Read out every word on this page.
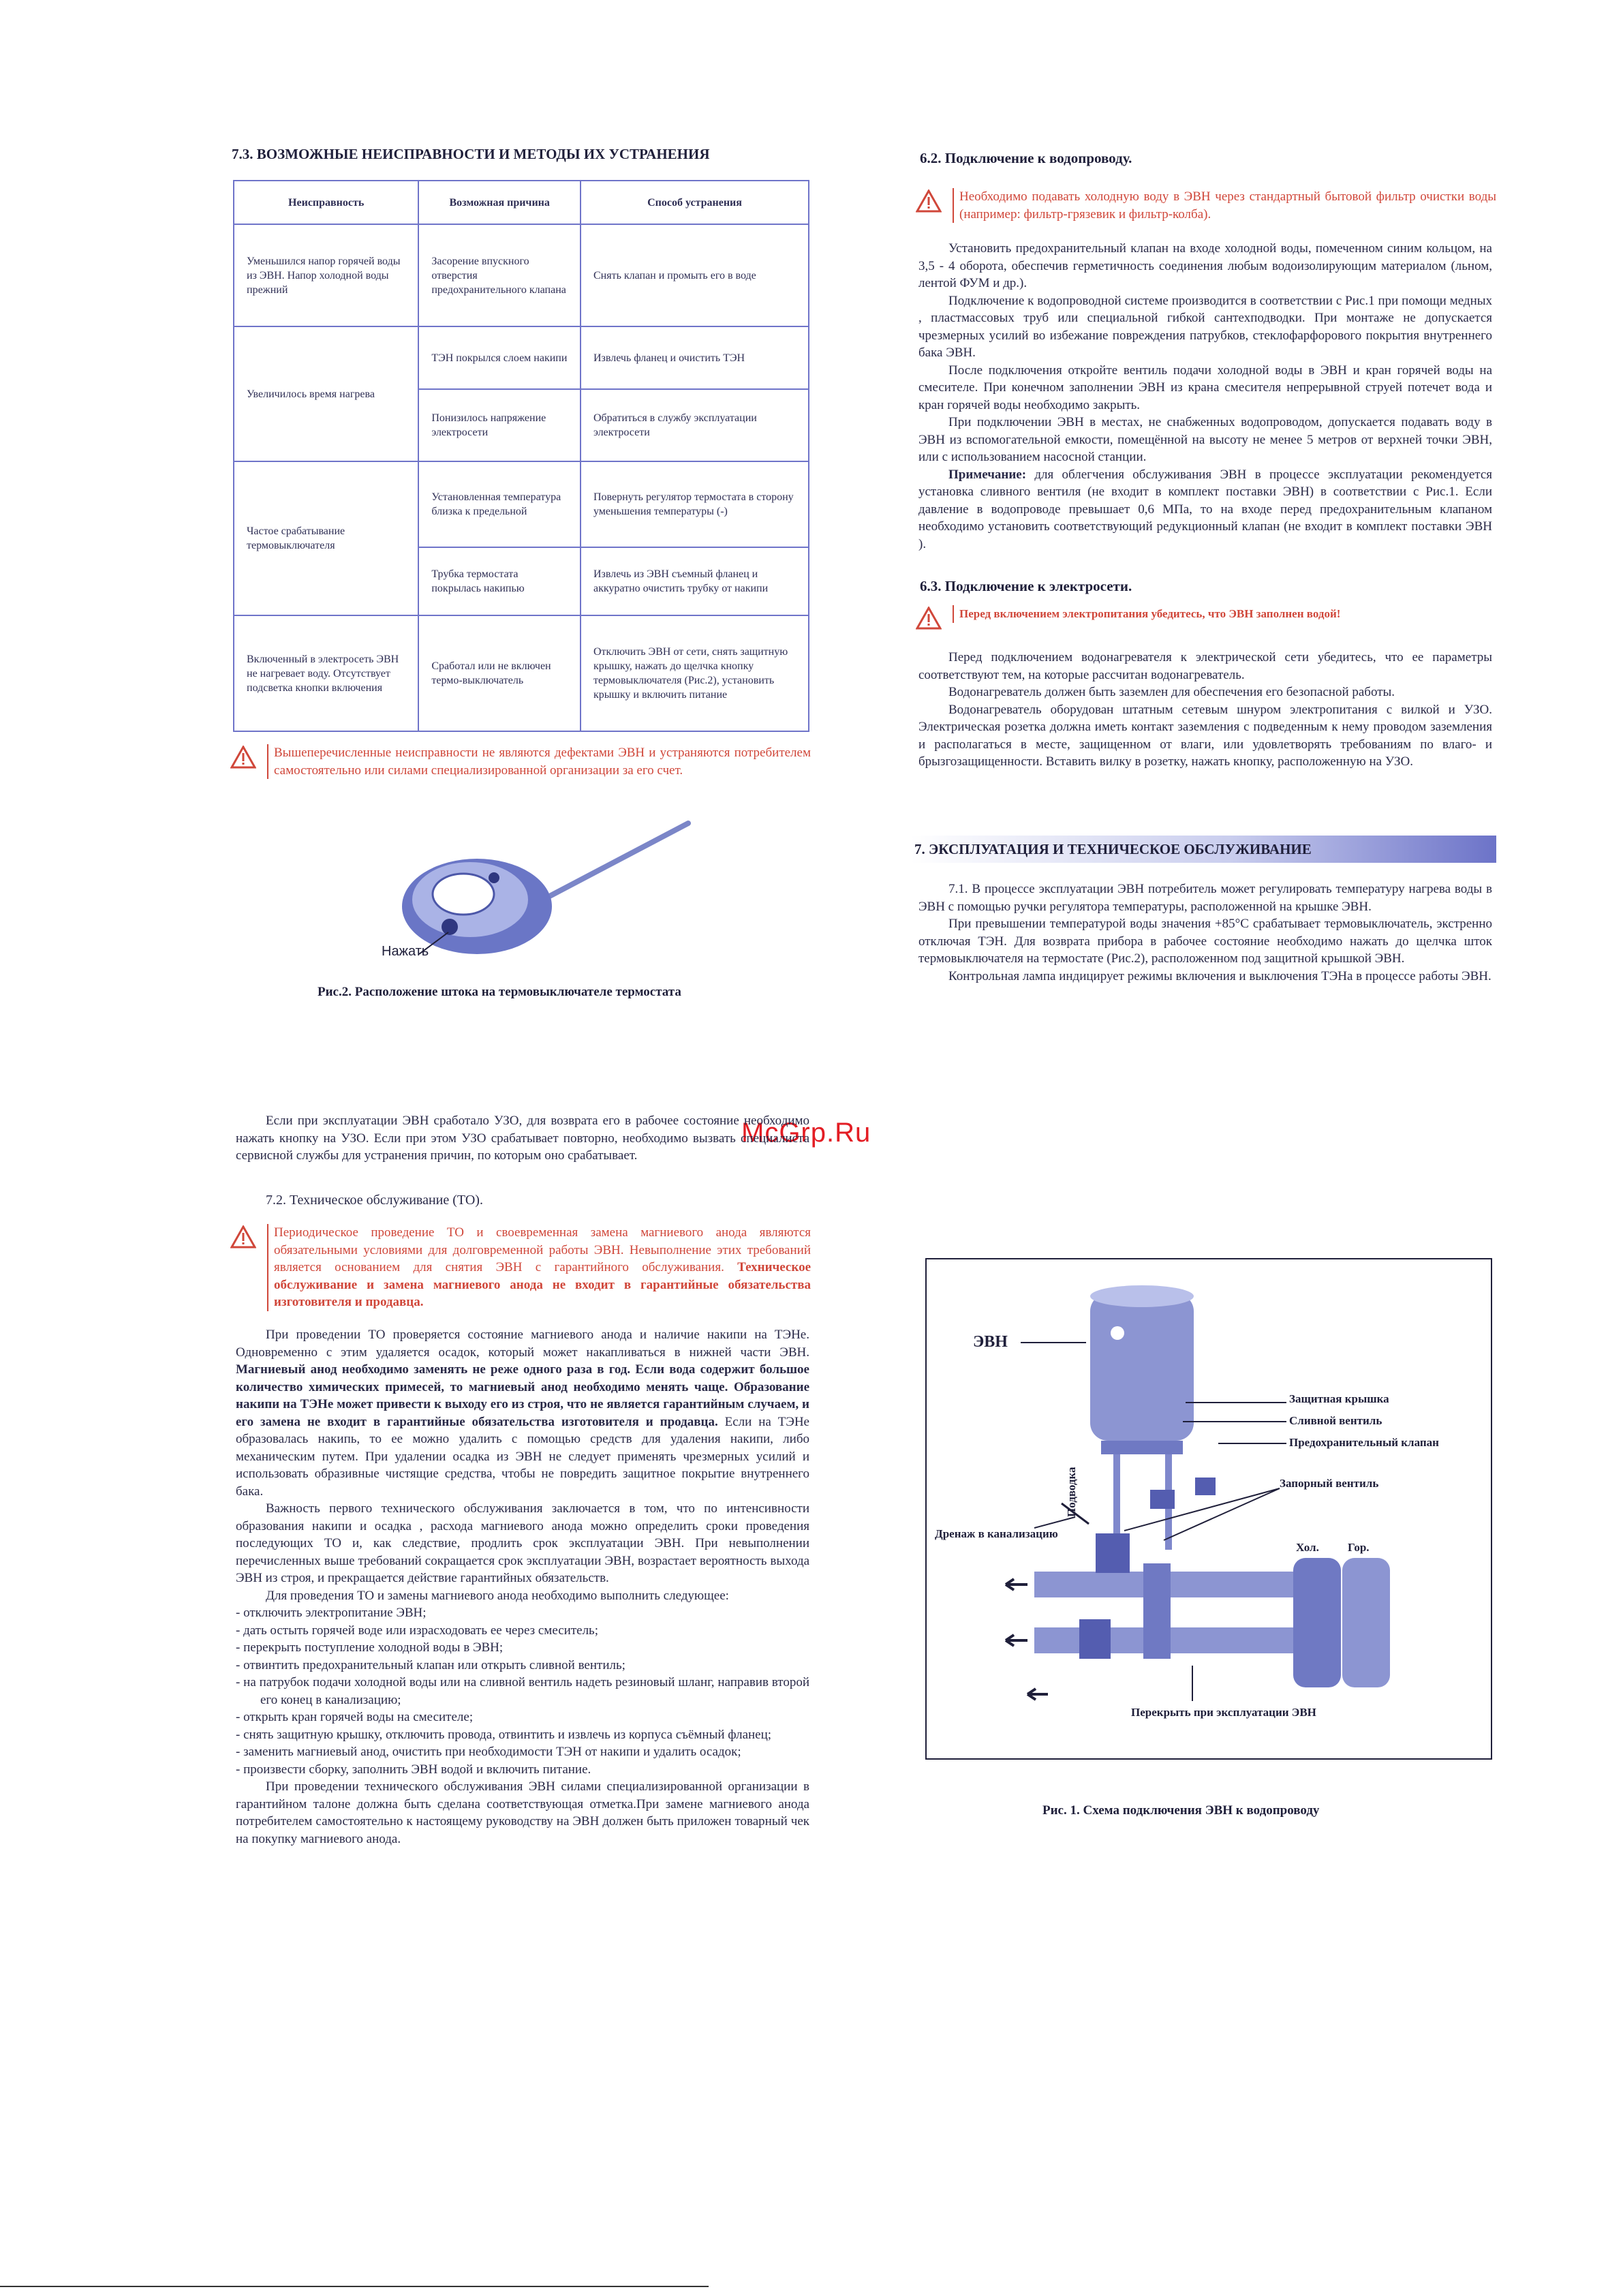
7.3. ВОЗМОЖНЫЕ НЕИСПРАВНОСТИ И МЕТОДЫ ИХ УСТРАНЕНИЯ
Неисправность	Возможная причина	Способ устранения
Уменьшился напор горячей воды из ЭВН. Напор холодной воды прежний	Засорение впускного отверстия предохранительного клапана	Снять клапан и промыть его в воде
Увеличилось время нагрева	ТЭН покрылся слоем накипи	Извлечь фланец и очистить ТЭН
	Понизилось напряжение электросети	Обратиться в службу эксплуатации электросети
Частое срабатывание термовыключателя	Установленная температура близка к предельной	Повернуть регулятор термостата в сторону уменьшения температуры (-)
	Трубка термостата покрылась накипью	Извлечь из ЭВН съемный фланец и аккуратно очистить трубку от накипи
Включенный в электросеть ЭВН не нагревает воду. Отсутствует подсветка кнопки включения	Сработал или не включен термо-выключатель	Отключить ЭВН от сети, снять защитную крышку, нажать до щелчка кнопку термовыключателя (Рис.2), установить крышку и включить питание
Вышеперечисленные неисправности не являются дефектами ЭВН и устраняются потребителем самостоятельно или силами специализированной организации за его счет.
Нажать
Рис.2. Расположение штока на термовыключателе термостата
6.2. Подключение к водопроводу.
Необходимо подавать холодную воду в ЭВН через стандартный бытовой фильтр очистки воды (например: фильтр-грязевик и фильтр-колба).

Установить предохранительный клапан на входе холодной воды, помеченном синим кольцом, на 3,5 - 4 оборота, обеспечив герметичность соединения любым водоизолирующим материалом (льном, лентой ФУМ и др.).

Подключение к водопроводной системе производится в соответствии с Рис.1 при помощи медных , пластмассовых труб или специальной гибкой сантехподводки. При монтаже не допускается чрезмерных усилий во избежание повреждения патрубков, стеклофарфорового покрытия внутреннего бака ЭВН.

После подключения откройте вентиль подачи холодной воды в ЭВН и кран горячей воды на смесителе. При конечном заполнении ЭВН из крана смесителя непрерывной струей потечет вода и кран горячей воды необходимо закрыть.

При подключении ЭВН в местах, не снабженных водопроводом, допускается подавать воду в ЭВН из вспомогательной емкости, помещённой на высоту не менее 5 метров от верхней точки ЭВН, или с использованием насосной станции.

Примечание: для облегчения обслуживания ЭВН в процессе эксплуатации рекомендуется установка сливного вентиля (не входит в комплект поставки ЭВН) в соответствии с Рис.1. Если давление в водопроводе превышает 0,6 МПа, то на входе перед предохранительным клапаном необходимо установить соответствующий редукционный клапан (не входит в комплект поставки ЭВН ).

6.3. Подключение к электросети.
Перед включением электропитания убедитесь, что ЭВН заполнен водой!

Перед подключением водонагревателя к электрической сети убедитесь, что ее параметры соответствуют тем, на которые рассчитан водонагреватель.

Водонагреватель должен быть заземлен для обеспечения его безопасной работы.

Водонагреватель оборудован штатным сетевым шнуром электропитания с вилкой и УЗО. Электрическая розетка должна иметь контакт заземления с подведенным к нему проводом заземления и располагаться в месте, защищенном от влаги, или удовлетворять требованиям по влаго- и брызгозащищенности. Вставить вилку в розетку, нажать кнопку, расположенную на УЗО.

7. ЭКСПЛУАТАЦИЯ И ТЕХНИЧЕСКОЕ ОБСЛУЖИВАНИЕ

7.1. В процессе эксплуатации ЭВН потребитель может регулировать температуру нагрева воды в ЭВН с помощью ручки регулятора температуры, расположенной на крышке ЭВН.

При превышении температурой воды значения +85°С срабатывает термовыключатель, экстренно отключая ТЭН. Для возврата прибора в рабочее состояние необходимо нажать до щелчка шток термовыключателя на термостате (Рис.2), расположенном под защитной крышкой ЭВН.

Контрольная лампа индицирует режимы включения и выключения ТЭНа в процессе работы ЭВН.

McGrp.Ru

Если при эксплуатации ЭВН сработало УЗО, для возврата его в рабочее состояние необходимо нажать кнопку на УЗО. Если при этом УЗО срабатывает повторно, необходимо вызвать специалиста сервисной службы для устранения причин, по которым оно срабатывает.

7.2. Техническое обслуживание (ТО).
Периодическое проведение ТО и своевременная замена магниевого анода являются обязательными условиями для долговременной работы ЭВН. Невыполнение этих требований является основанием для снятия ЭВН с гарантийного обслуживания. Техническое обслуживание и замена магниевого анода не входит в гарантийные обязательства изготовителя и продавца.

При проведении ТО проверяется состояние магниевого анода и наличие накипи на ТЭНе. Одновременно с этим удаляется осадок, который может накапливаться в нижней части ЭВН. Магниевый анод необходимо заменять не реже одного раза в год. Если вода содержит большое количество химических примесей, то магниевый анод необходимо менять чаще. Образование накипи на ТЭНе может привести к выходу его из строя, что не является гарантийным случаем, и его замена не входит в гарантийные обязательства изготовителя и продавца. Если на ТЭНе образовалась накипь, то ее можно удалить с помощью средств для удаления накипи, либо механическим путем. При удалении осадка из ЭВН не следует применять чрезмерных усилий и использовать образивные чистящие средства, чтобы не повредить защитное покрытие внутреннего бака.

Важность первого технического обслуживания заключается в том, что по интенсивности образования накипи и осадка , расхода магниевого анода можно определить сроки проведения последующих ТО и, как следствие, продлить срок эксплуатации ЭВН. При невыполнении перечисленных выше требований сокращается срок эксплуатации ЭВН, возрастает вероятность выхода ЭВН из строя, и прекращается действие гарантийных обязательств.

Для проведения ТО и замены магниевого анода необходимо выполнить следующее:

- отключить электропитание ЭВН;
- дать остыть горячей воде или израсходовать ее через смеситель;
- перекрыть поступление холодной воды в ЭВН;
- отвинтить предохранительный клапан или открыть сливной вентиль;
- на патрубок подачи холодной воды или на сливной вентиль надеть резиновый шланг, направив второй его конец в канализацию;
- открыть кран горячей воды на смесителе;
- снять защитную крышку, отключить провода, отвинтить и извлечь из корпуса съёмный фланец;
- заменить магниевый анод, очистить при необходимости ТЭН от накипи и удалить осадок;
- произвести сборку, заполнить ЭВН водой и включить питание.

При проведении технического обслуживания ЭВН силами специализированной организации в гарантийном талоне должна быть сделана соответствующая отметка.При замене магниевого анода потребителем самостоятельно к настоящему руководству на ЭВН должен быть приложен товарный чек на покупку магниевого анода.

ЭВН
Защитная крышка
Сливной вентиль
Предохранительный клапан
Запорный вентиль
Подводка
Дренаж в канализацию
Хол. Гор.
Перекрыть при эксплуатации ЭВН
Рис. 1. Схема подключения ЭВН к водопроводу
